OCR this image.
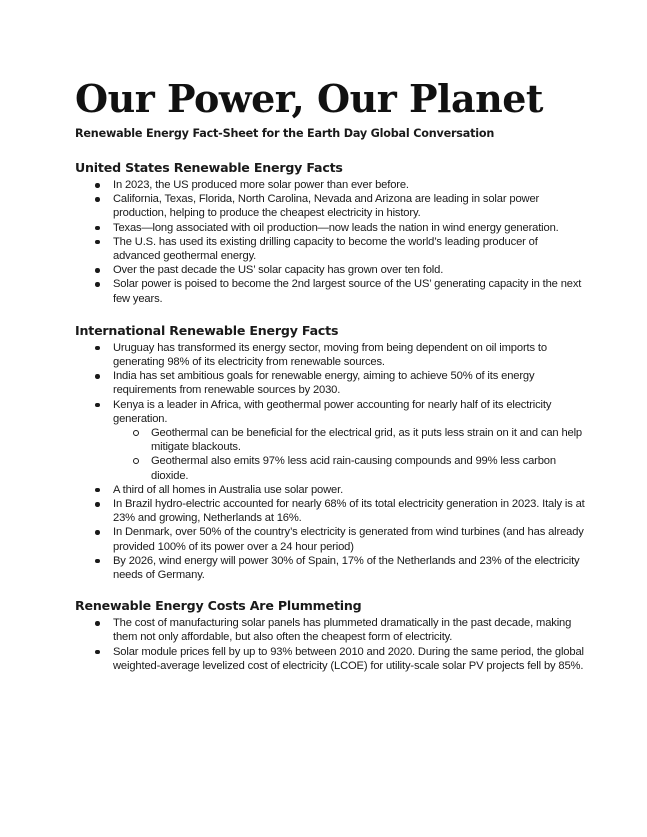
Our Power, Our Planet

Renewable Energy Fact-Sheet for the Earth Day Global Conversation

United States Renewable Energy Facts
In 2023, the US produced more solar power than ever before.
California, Texas, Florida, North Carolina, Nevada and Arizona are leading in solar power production, helping to produce the cheapest electricity in history.
Texas—long associated with oil production—now leads the nation in wind energy generation.
The U.S. has used its existing drilling capacity to become the world’s leading producer of advanced geothermal energy.
Over the past decade the US’ solar capacity has grown over ten fold.
Solar power is poised to become the 2nd largest source of the US’ generating capacity in the next few years.
International Renewable Energy Facts
Uruguay has transformed its energy sector, moving from being dependent on oil imports to generating 98% of its electricity from renewable sources.
India has set ambitious goals for renewable energy, aiming to achieve 50% of its energy requirements from renewable sources by 2030.
Kenya is a leader in Africa, with geothermal power accounting for nearly half of its electricity generation.
Geothermal can be beneficial for the electrical grid, as it puts less strain on it and can help mitigate blackouts.
Geothermal also emits 97% less acid rain-causing compounds and 99% less carbon dioxide.
A third of all homes in Australia use solar power.
In Brazil hydro-electric accounted for nearly 68% of its total electricity generation in 2023. Italy is at 23% and growing, Netherlands at 16%.
In Denmark, over 50% of the country’s electricity is generated from wind turbines (and has already provided 100% of its power over a 24 hour period)
By 2026, wind energy will power 30% of Spain, 17% of the Netherlands and 23% of the electricity needs of Germany.
Renewable Energy Costs Are Plummeting
The cost of manufacturing solar panels has plummeted dramatically in the past decade, making them not only affordable, but also often the cheapest form of electricity.
Solar module prices fell by up to 93% between 2010 and 2020. During the same period, the global weighted-average levelized cost of electricity (LCOE) for utility-scale solar PV projects fell by 85%.
